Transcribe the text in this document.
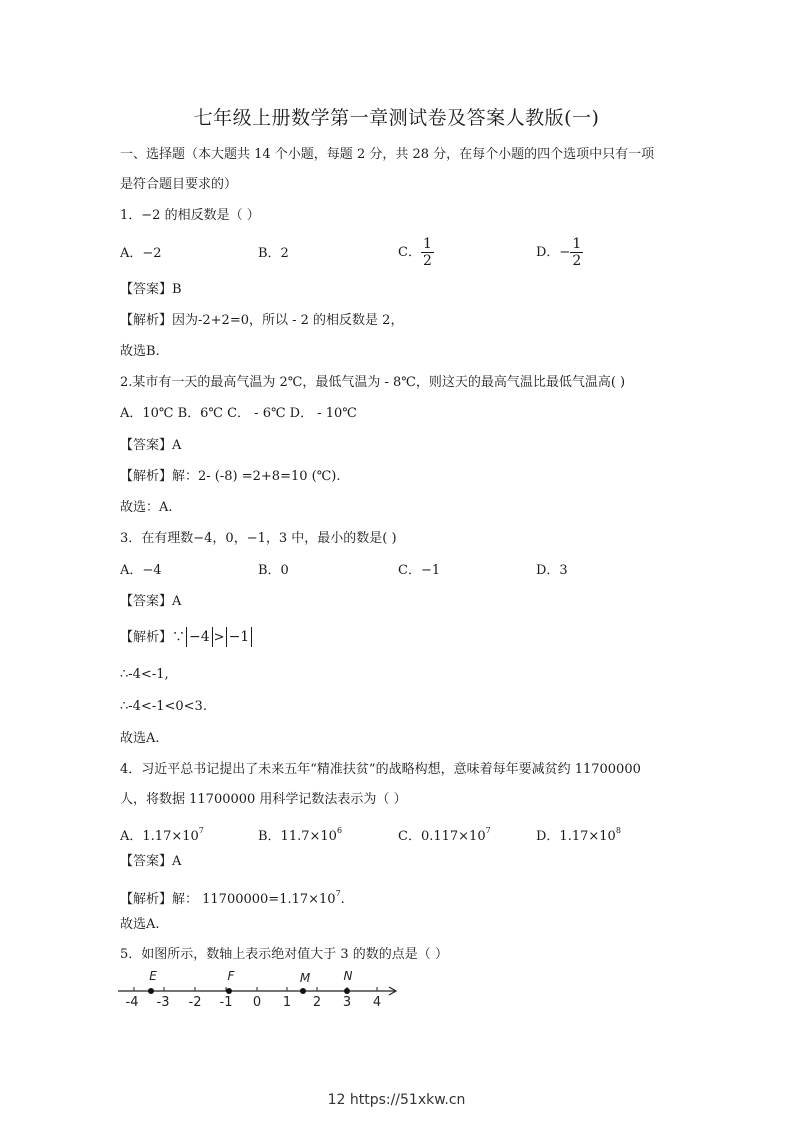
七年级上册数学第一章测试卷及答案人教版(一)
一、选择题（本大题共 14 个小题，每题 2 分，共 28 分，在每个小题的四个选项中只有一项
是符合题目要求的）
1．−2 的相反数是（ ）
A．−2	B．2	C． $\frac{1}{2}$	D．− $\frac{1}{2}$
【答案】B
【解析】因为-2+2=0，所以 - 2 的相反数是 2，
故选B.
2.某市有一天的最高气温为 2℃，最低气温为 - 8℃，则这天的最高气温比最低气温高( )
A．10℃ B．6℃ C． - 6℃ D． - 10℃
【答案】A
【解析】解：2- (-8) =2+8=10 (℃).
故选：A.
3．在有理数−4，0，−1，3 中，最小的数是( )
A．−4	B．0	C．−1	D．3
【答案】A
【解析】∵ −4 > −1
∴-4<-1,
∴-4<-1<0<3.
故选A.
4．习近平总书记提出了未来五年“精准扶贫”的战略构想，意味着每年要减贫约 11700000
人，将数据 11700000 用科学记数法表示为（ ）
A．$1.17\times 10^7$	B．$11.7\times 10^6$	C．$0.117\times 10^7$	D．$1.17\times 10^8$
【答案】A
【解析】解： $11700000=1.17\times 10^7$.
故选A.
5．如图所示，数轴上表示绝对值大于 3 的数的点是（ ）
-4 -3 -2 -1 0 1 2 3 4
E	F	M	N
12 https://51xkw.cn
